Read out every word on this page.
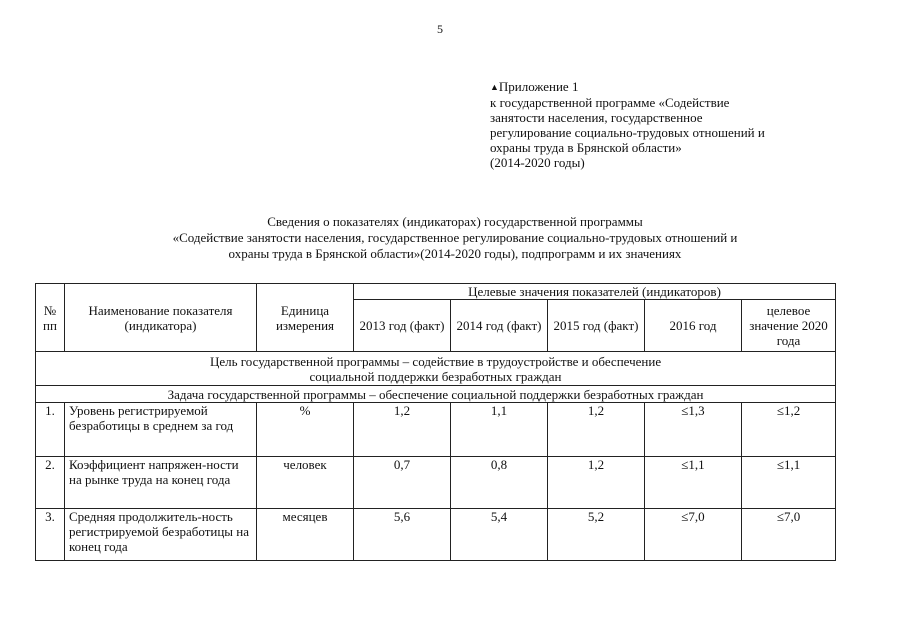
5
▲Приложение 1
к государственной программе «Содействие
занятости населения, государственное
регулирование социально-трудовых отношений и
охраны труда в Брянской области»
(2014-2020 годы)
Сведения о показателях (индикаторах) государственной программы
«Содействие занятости населения, государственное регулирование социально-трудовых отношений и
охраны труда в Брянской области»(2014-2020 годы), подпрограмм и их значениях
№ пп	Наименование показателя (индикатора)	Единица измерения	Целевые значения показателей (индикаторов)				
			2013 год (факт)	2014 год (факт)	2015 год (факт)	2016 год	целевое значение 2020 года

Цель государственной программы – содействие в трудоустройстве и обеспечение
социальной поддержки безработных граждан							

Задача государственной программы – обеспечение социальной поддержки безработных граждан							
1.	Уровень регистрируемой безработицы в среднем за год	%	1,2	1,1	1,2	≤1,3	≤1,2
2.	Коэффициент напряжен-ности на рынке труда на конец года	человек	0,7	0,8	1,2	≤1,1	≤1,1
3.	Средняя продолжитель-ность регистрируемой безработицы на конец года	месяцев	5,6	5,4	5,2	≤7,0	≤7,0
